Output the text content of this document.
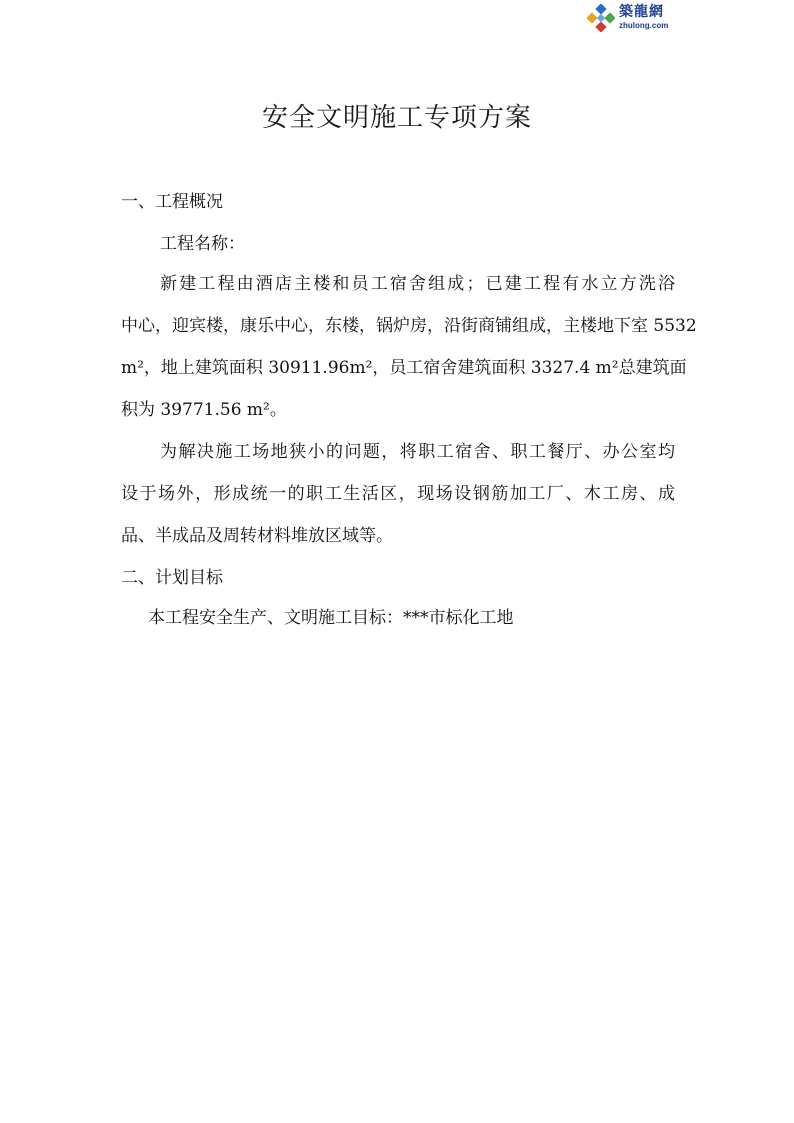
築龍網
zhulong.com
安全文明施工专项方案
一、工程概况
工程名称：
新建工程由酒店主楼和员工宿舍组成；已建工程有水立方洗浴
中心，迎宾楼，康乐中心，东楼，锅炉房，沿街商铺组成，主楼地下室 5532
m²，地上建筑面积 30911.96m²，员工宿舍建筑面积 3327.4 m²总建筑面
积为 39771.56 m²。
为解决施工场地狭小的问题，将职工宿舍、职工餐厅、办公室均
设于场外，形成统一的职工生活区，现场设钢筋加工厂、木工房、成
品、半成品及周转材料堆放区域等。
二、计划目标
本工程安全生产、文明施工目标：***市标化工地
